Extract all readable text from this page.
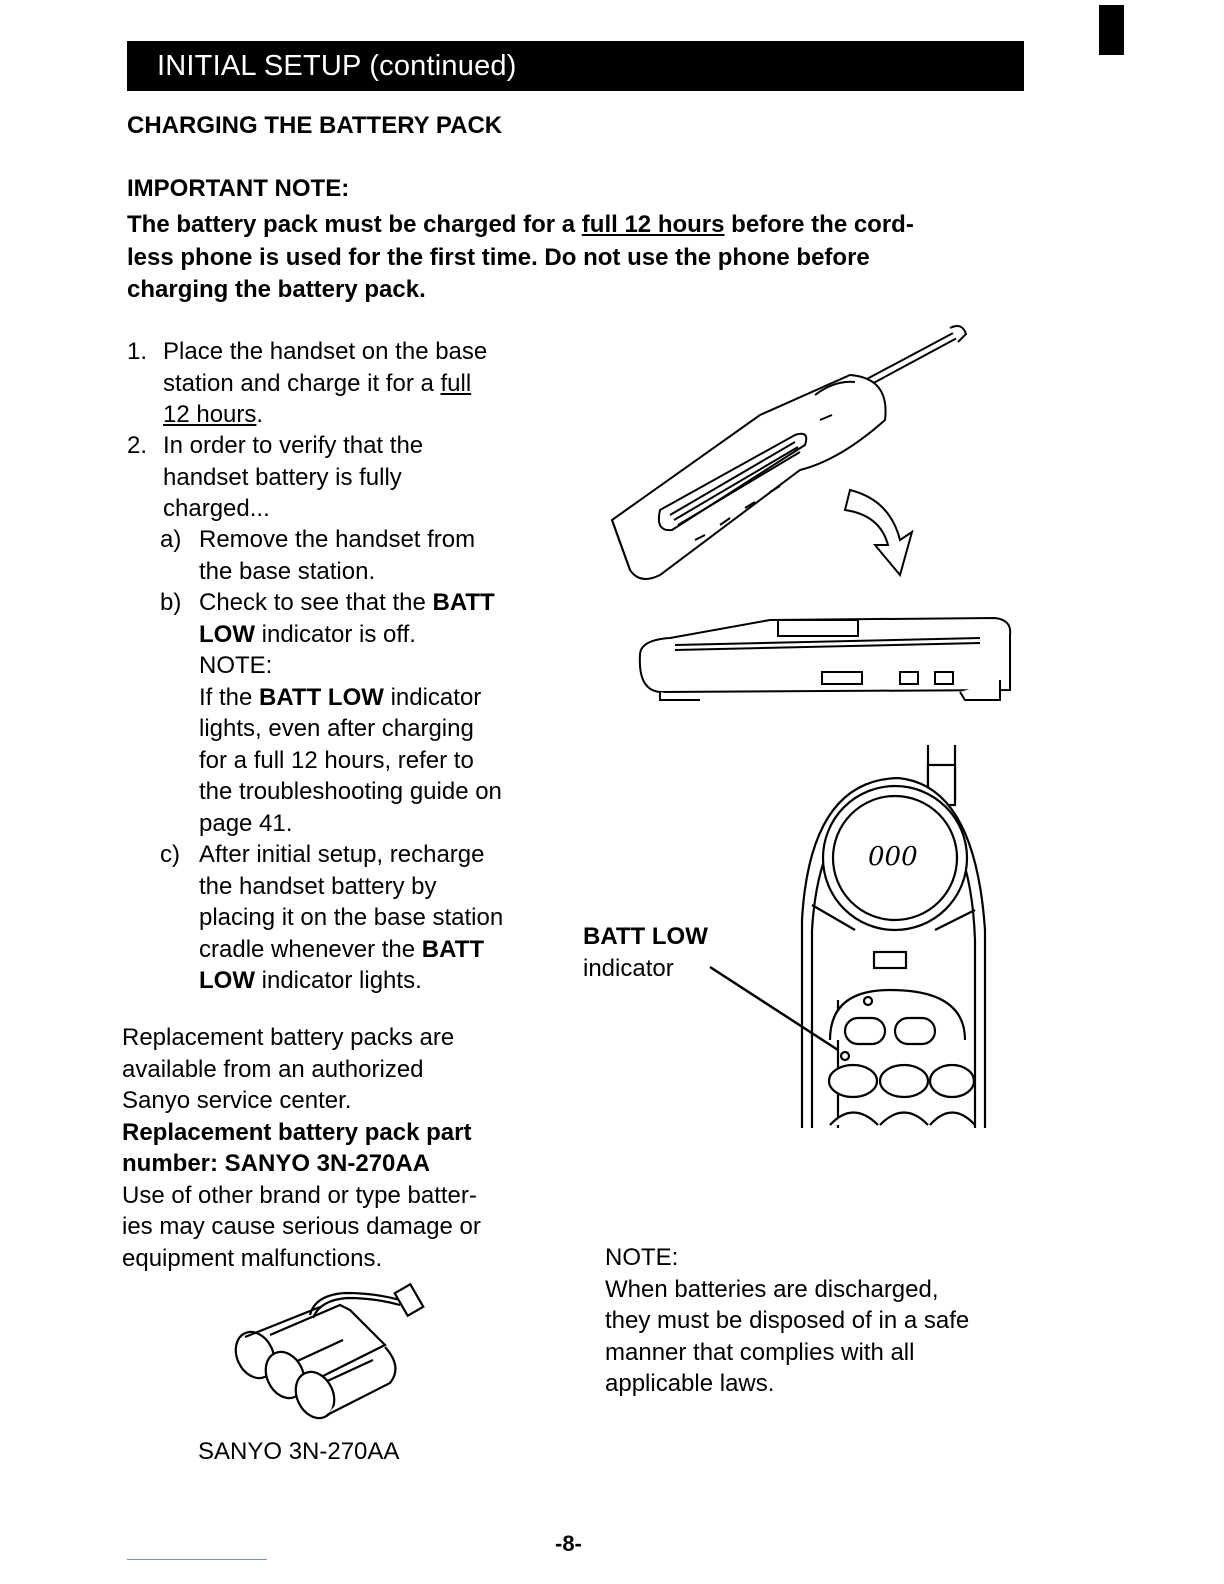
INITIAL SETUP (continued)
CHARGING THE BATTERY PACK
IMPORTANT NOTE:
The battery pack must be charged for a full 12 hours before the cord-
less phone is used for the first time. Do not use the phone before
charging the battery pack.
1. Place the handset on the base
station and charge it for a full
12 hours.
2. In order to verify that the
handset battery is fully
charged...
a) Remove the handset from
the base station.
b) Check to see that the BATT
LOW indicator is off.
NOTE:
If the BATT LOW indicator
lights, even after charging
for a full 12 hours, refer to
the troubleshooting guide on
page 41.
c) After initial setup, recharge
the handset battery by
placing it on the base station
cradle whenever the BATT
LOW indicator lights.
Replacement battery packs are
available from an authorized
Sanyo service center.
Replacement battery pack part
number: SANYO 3N-270AA
Use of other brand or type batter-
ies may cause serious damage or
equipment malfunctions.
SANYO 3N-270AA
BATT LOW
indicator
000
NOTE:
When batteries are discharged,
they must be disposed of in a safe
manner that complies with all
applicable laws.
-8-
